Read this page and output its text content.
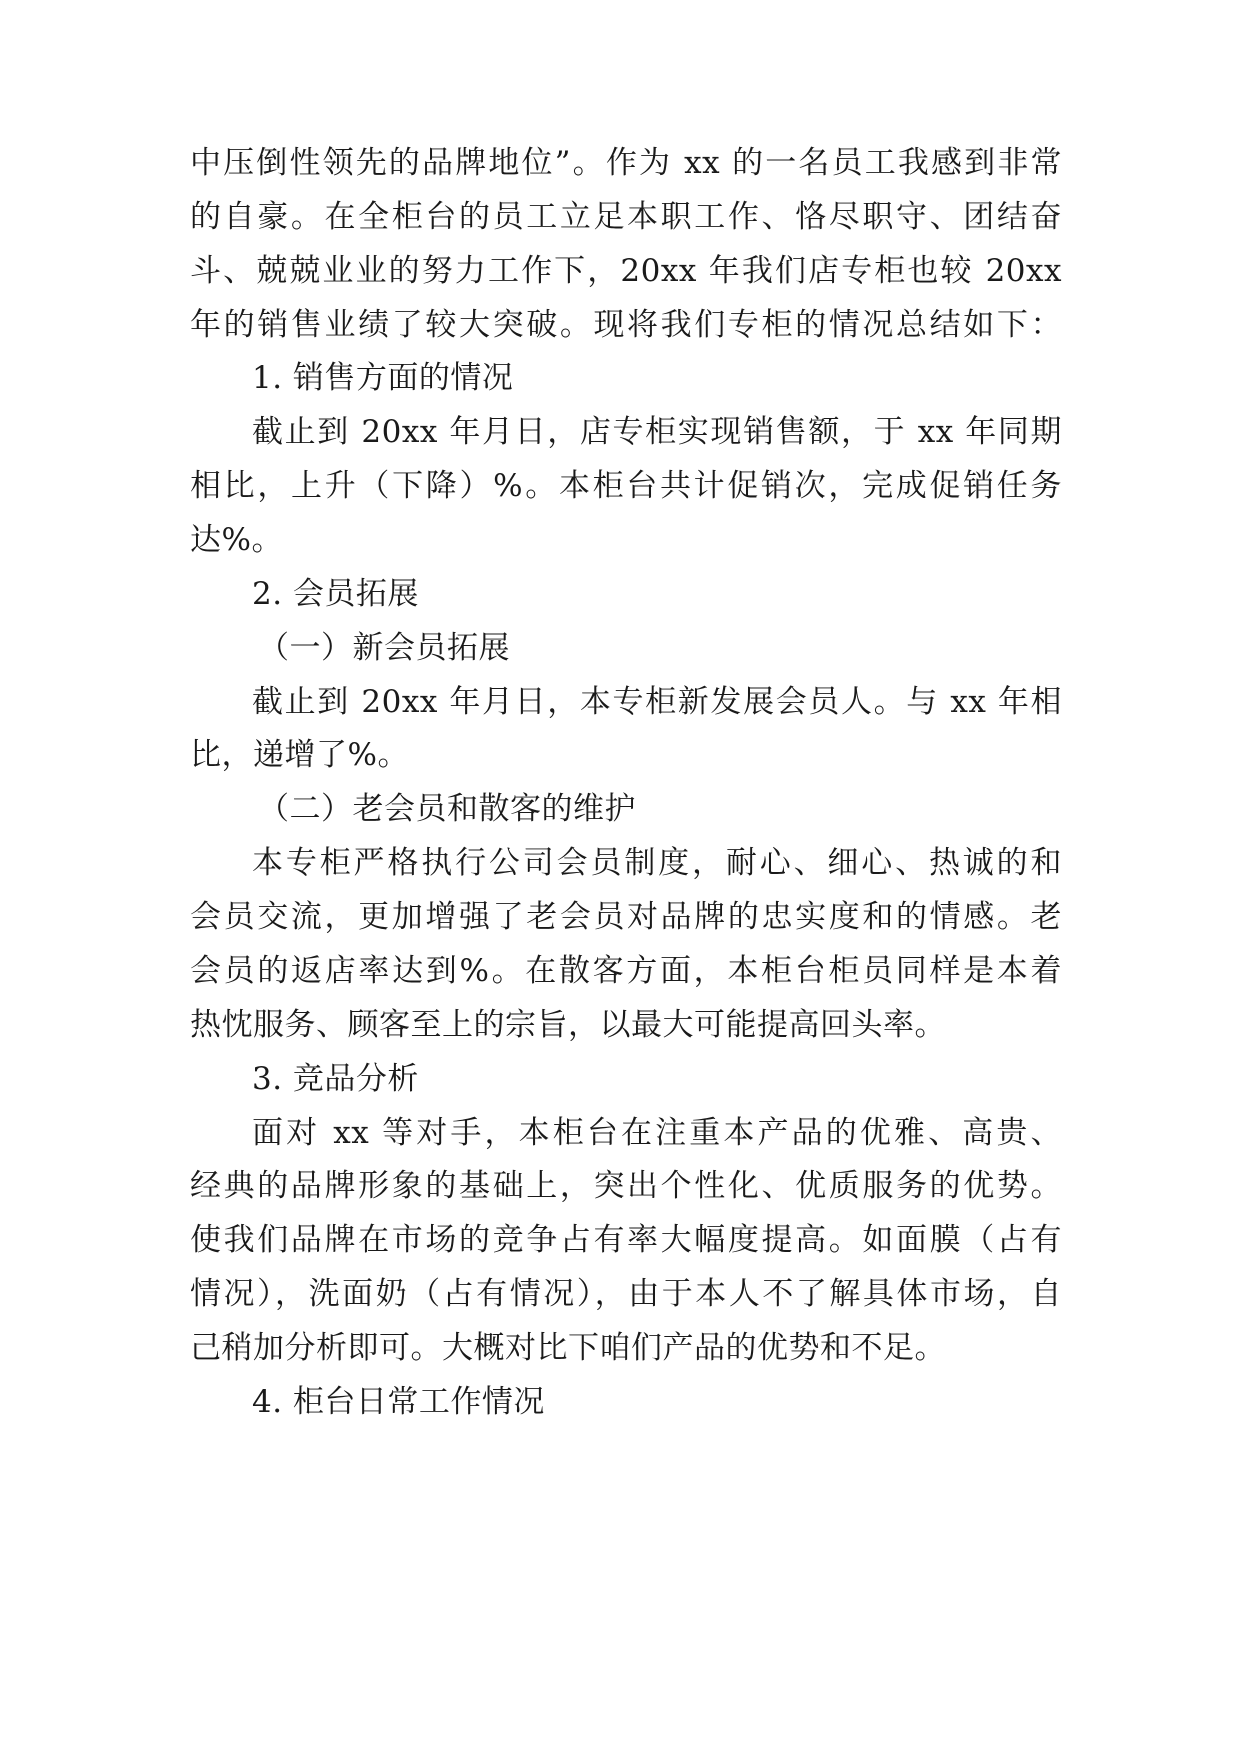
中压倒性领先的品牌地位”。作为 xx 的一名员工我感到非常
的自豪。在全柜台的员工立足本职工作、恪尽职守、团结奋
斗、兢兢业业的努力工作下，20xx 年我们店专柜也较 20xx
年的销售业绩了较大突破。现将我们专柜的情况总结如下：
1. 销售方面的情况
截止到 20xx 年月日，店专柜实现销售额，于 xx 年同期
相比，上升（下降）%。本柜台共计促销次，完成促销任务
达%。
2. 会员拓展
（一）新会员拓展
截止到 20xx 年月日，本专柜新发展会员人。与 xx 年相
比，递增了%。
（二）老会员和散客的维护
本专柜严格执行公司会员制度，耐心、细心、热诚的和
会员交流，更加增强了老会员对品牌的忠实度和的情感。老
会员的返店率达到%。在散客方面，本柜台柜员同样是本着
热忱服务、顾客至上的宗旨，以最大可能提高回头率。
3. 竞品分析
面对 xx 等对手，本柜台在注重本产品的优雅、高贵、
经典的品牌形象的基础上，突出个性化、优质服务的优势。
使我们品牌在市场的竞争占有率大幅度提高。如面膜（占有
情况），洗面奶（占有情况），由于本人不了解具体市场，自
己稍加分析即可。大概对比下咱们产品的优势和不足。
4. 柜台日常工作情况
